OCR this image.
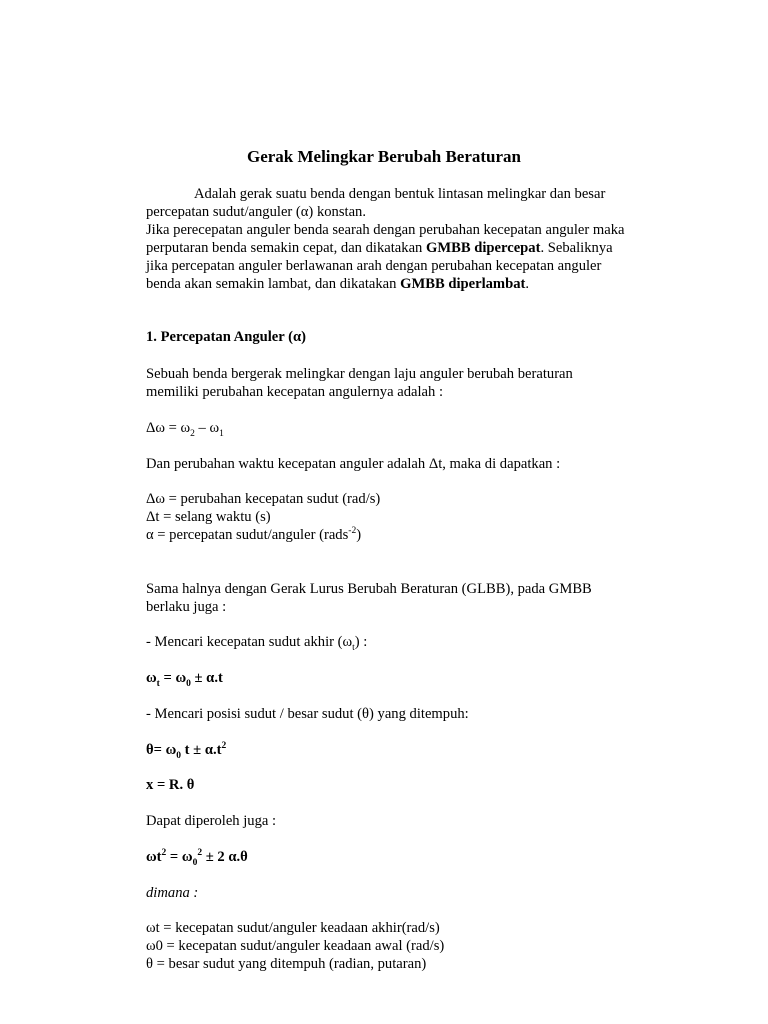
Gerak Melingkar Berubah Beraturan
Adalah gerak suatu benda dengan bentuk lintasan melingkar dan besar
percepatan sudut/anguler (α) konstan.
Jika perecepatan anguler benda searah dengan perubahan kecepatan anguler maka
perputaran benda semakin cepat, dan dikatakan GMBB dipercepat. Sebaliknya
jika percepatan anguler berlawanan arah dengan perubahan kecepatan anguler
benda akan semakin lambat, dan dikatakan GMBB diperlambat.
1. Percepatan Anguler (α)
Sebuah benda bergerak melingkar dengan laju anguler berubah beraturan
memiliki perubahan kecepatan angulernya adalah :
$\Delta\omega = \omega_2 - \omega_1$
Dan perubahan waktu kecepatan anguler adalah Δt, maka di dapatkan :
Δω = perubahan kecepatan sudut (rad/s)
Δt = selang waktu (s)
α = percepatan sudut/anguler (rads$^{-2}$)
Sama halnya dengan Gerak Lurus Berubah Beraturan (GLBB), pada GMBB
berlaku juga :
- Mencari kecepatan sudut akhir $(\omega_t)$ :
$\omega_t = \omega_0 \pm \alpha.t$
- Mencari posisi sudut / besar sudut (θ) yang ditempuh:
$\theta= \omega_0$ $t \pm \alpha.t^2$
x = R. θ
Dapat diperoleh juga :
$\omega t^2 = \omega_0^2 \pm 2$ α.θ
dimana :
ωt = kecepatan sudut/anguler keadaan akhir(rad/s)
ω0 = kecepatan sudut/anguler keadaan awal (rad/s)
θ = besar sudut yang ditempuh (radian, putaran)
